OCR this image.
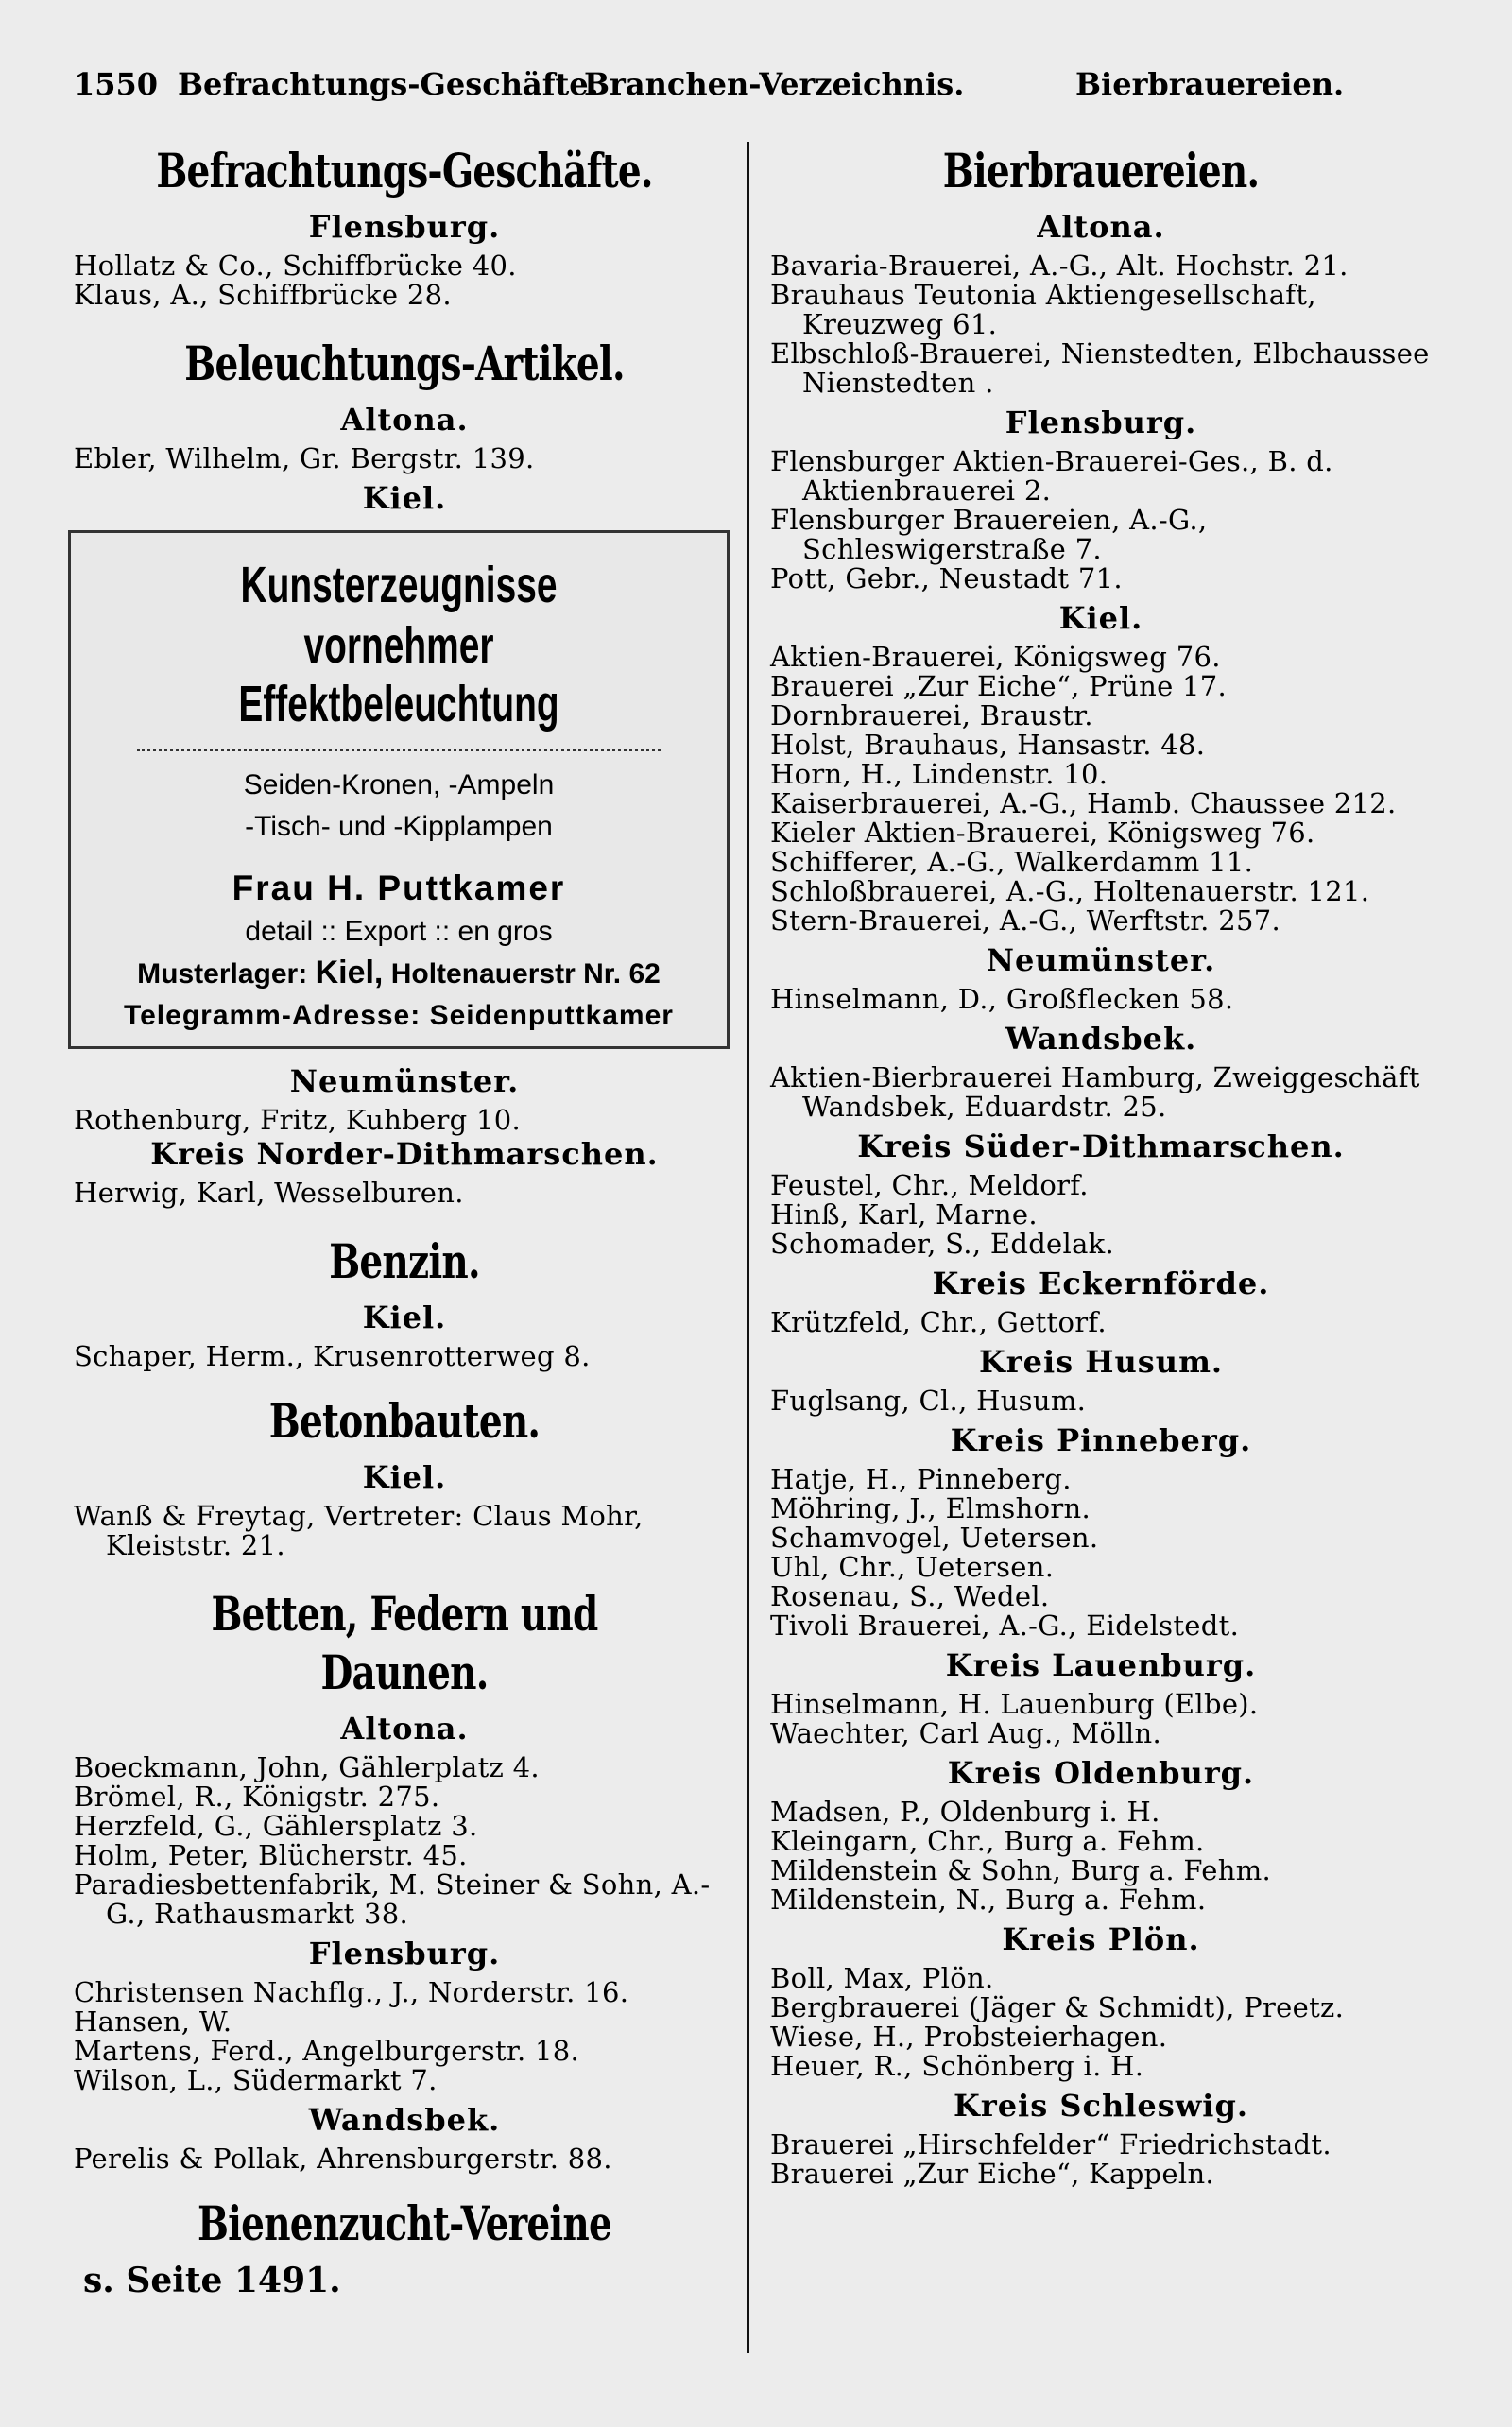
1550 Befrachtungs-Geschäfte.
Branchen-Verzeichnis.	Bierbrauereien.
Befrachtungs-Geschäfte.
Flensburg.

Hollatz & Co., Schiffbrücke 40.

Klaus, A., Schiffbrücke 28.

Beleuchtungs-Artikel.
Altona.

Ebler, Wilhelm, Gr. Bergstr. 139.

Kiel.
Kunsterzeugnisse
vornehmer Effektbeleuchtung
Seiden-Kronen, -Ampeln
-Tisch- und -Kipplampen
Frau H. Puttkamer
detail :: Export :: en gros
Musterlager: Kiel, Holtenauerstr Nr. 62
Telegramm-Adresse: Seidenputtkamer
Neumünster.

Rothenburg, Fritz, Kuhberg 10.

Kreis Norder-Dithmarschen.

Herwig, Karl, Wesselburen.

Benzin.
Kiel.

Schaper, Herm., Krusenrotterweg 8.

Betonbauten.
Kiel.

Wanß & Freytag, Vertreter: Claus Mohr, Kleiststr. 21.

Betten, Federn und Daunen.
Altona.

Boeckmann, John, Gählerplatz 4.

Brömel, R., Königstr. 275.

Herzfeld, G., Gählersplatz 3.

Holm, Peter, Blücherstr. 45.

Paradiesbettenfabrik, M. Steiner & Sohn, A.-G., Rathausmarkt 38.

Flensburg.

Christensen Nachflg., J., Norderstr. 16.

Hansen, W.

Martens, Ferd., Angelburgerstr. 18.

Wilson, L., Südermarkt 7.

Wandsbek.

Perelis & Pollak, Ahrensburgerstr. 88.

Bienenzucht-Vereine
s. Seite 1491.
Bierbrauereien.
Altona.

Bavaria-Brauerei, A.-G., Alt. Hochstr. 21.

Brauhaus Teutonia Aktiengesellschaft, Kreuzweg 61.

Elbschloß-Brauerei, Nienstedten, Elbchaussee Nienstedten .

Flensburg.

Flensburger Aktien-Brauerei-Ges., B. d. Aktienbrauerei 2.

Flensburger Brauereien, A.-G., Schleswigerstraße 7.

Pott, Gebr., Neustadt 71.

Kiel.

Aktien-Brauerei, Königsweg 76.

Brauerei „Zur Eiche“, Prüne 17.

Dornbrauerei, Braustr.

Holst, Brauhaus, Hansastr. 48.

Horn, H., Lindenstr. 10.

Kaiserbrauerei, A.-G., Hamb. Chaussee 212.

Kieler Aktien-Brauerei, Königsweg 76.

Schifferer, A.-G., Walkerdamm 11.

Schloßbrauerei, A.-G., Holtenauerstr. 121.

Stern-Brauerei, A.-G., Werftstr. 257.

Neumünster.

Hinselmann, D., Großflecken 58.

Wandsbek.

Aktien-Bierbrauerei Hamburg, Zweiggeschäft Wandsbek, Eduardstr. 25.

Kreis Süder-Dithmarschen.

Feustel, Chr., Meldorf.

Hinß, Karl, Marne.

Schomader, S., Eddelak.

Kreis Eckernförde.

Krützfeld, Chr., Gettorf.

Kreis Husum.

Fuglsang, Cl., Husum.

Kreis Pinneberg.

Hatje, H., Pinneberg.

Möhring, J., Elmshorn.

Schamvogel, Uetersen.

Uhl, Chr., Uetersen.

Rosenau, S., Wedel.

Tivoli Brauerei, A.-G., Eidelstedt.

Kreis Lauenburg.

Hinselmann, H. Lauenburg (Elbe).

Waechter, Carl Aug., Mölln.

Kreis Oldenburg.

Madsen, P., Oldenburg i. H.

Kleingarn, Chr., Burg a. Fehm.

Mildenstein & Sohn, Burg a. Fehm.

Mildenstein, N., Burg a. Fehm.

Kreis Plön.

Boll, Max, Plön.

Bergbrauerei (Jäger & Schmidt), Preetz.

Wiese, H., Probsteierhagen.

Heuer, R., Schönberg i. H.

Kreis Schleswig.

Brauerei „Hirschfelder“ Friedrichstadt.

Brauerei „Zur Eiche“, Kappeln.
